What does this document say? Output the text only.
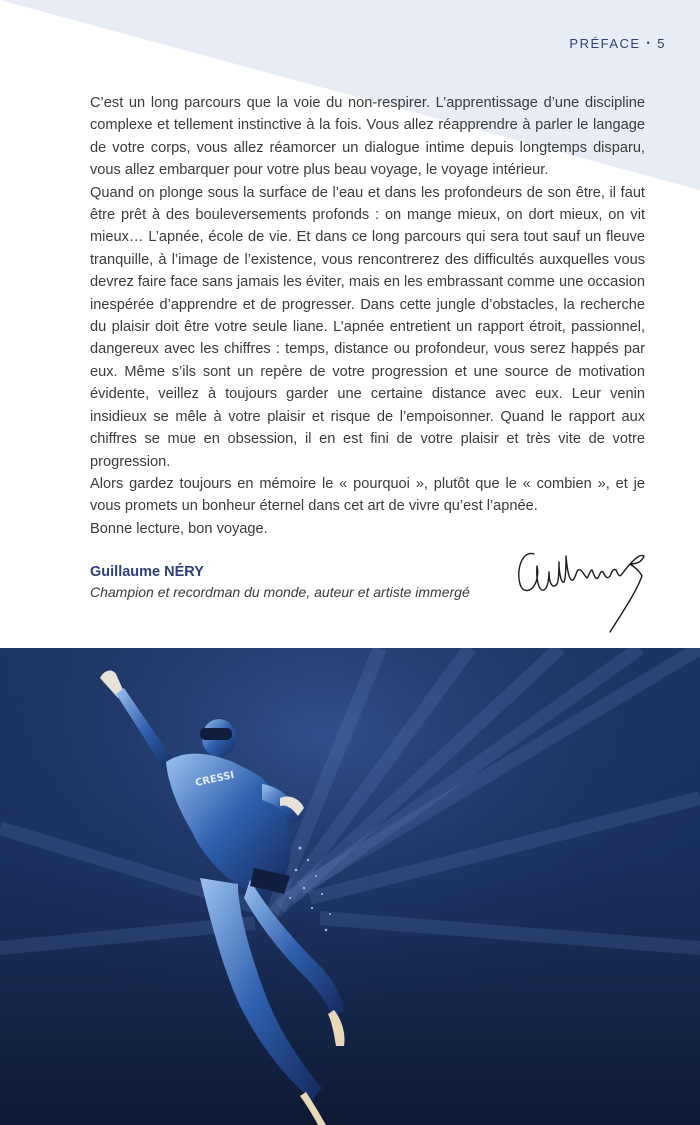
PRÉFACE • 5

C’est un long parcours que la voie du non-respirer. L’apprentissage d’une discipline complexe et tellement instinctive à la fois. Vous allez réapprendre à parler le langage de votre corps, vous allez réamorcer un dialogue intime depuis longtemps disparu, vous allez embarquer pour votre plus beau voyage, le voyage intérieur.

Quand on plonge sous la surface de l’eau et dans les profondeurs de son être, il faut être prêt à des bouleversements profonds : on mange mieux, on dort mieux, on vit mieux… L’apnée, école de vie. Et dans ce long parcours qui sera tout sauf un fleuve tranquille, à l’image de l’existence, vous rencontrerez des difficultés auxquelles vous devrez faire face sans jamais les éviter, mais en les embrassant comme une occasion inespérée d’apprendre et de progresser. Dans cette jungle d’obstacles, la recherche du plaisir doit être votre seule liane. L’apnée entretient un rapport étroit, passionnel, dangereux avec les chiffres : temps, distance ou profondeur, vous serez happés par eux. Même s’ils sont un repère de votre progression et une source de motivation évidente, veillez à toujours garder une certaine distance avec eux. Leur venin insidieux se mêle à votre plaisir et risque de l’empoisonner. Quand le rapport aux chiffres se mue en obsession, il en est fini de votre plaisir et très vite de votre progression.

Alors gardez toujours en mémoire le « pourquoi », plutôt que le « combien », et je vous promets un bonheur éternel dans cet art de vivre qu’est l’apnée.

Bonne lecture, bon voyage.

Guillaume NÉRY
Champion et recordman du monde, auteur et artiste immergé
CRESSI
